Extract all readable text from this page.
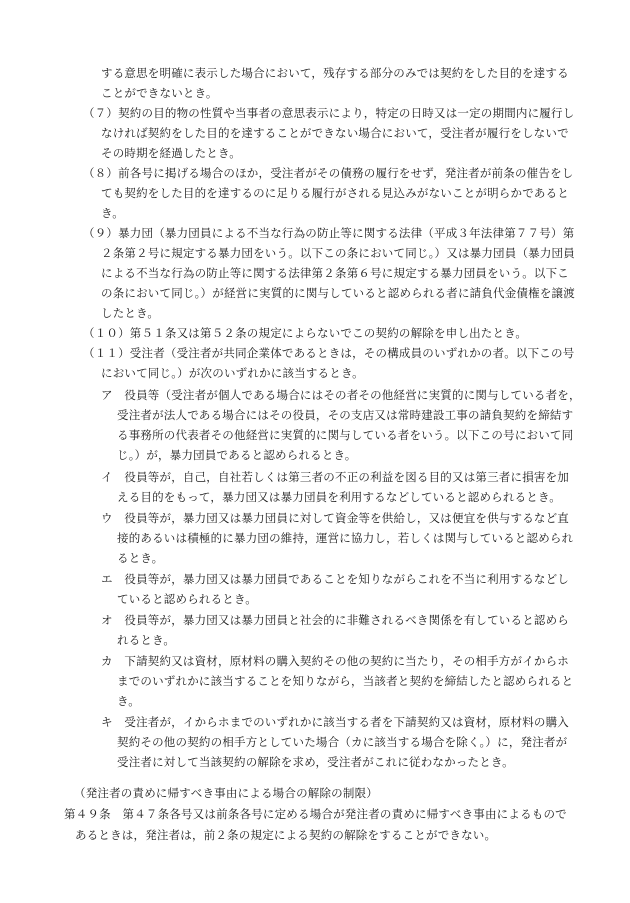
する意思を明確に表示した場合において，残存する部分のみでは契約をした目的を達する
ことができないとき。
（７）契約の目的物の性質や当事者の意思表示により，特定の日時又は一定の期間内に履行し
なければ契約をした目的を達することができない場合において，受注者が履行をしないで
その時期を経過したとき。
（８）前各号に掲げる場合のほか，受注者がその債務の履行をせず，発注者が前条の催告をし
ても契約をした目的を達するのに足りる履行がされる見込みがないことが明らかであると
き。
（９）暴力団（暴力団員による不当な行為の防止等に関する法律（平成３年法律第７７号）第
２条第２号に規定する暴力団をいう。以下この条において同じ。）又は暴力団員（暴力団員
による不当な行為の防止等に関する法律第２条第６号に規定する暴力団員をいう。以下こ
の条において同じ。）が経営に実質的に関与していると認められる者に請負代金債権を譲渡
したとき。
（１０）第５１条又は第５２条の規定によらないでこの契約の解除を申し出たとき。
（１１）受注者（受注者が共同企業体であるときは，その構成員のいずれかの者。以下この号
において同じ。）が次のいずれかに該当するとき。
ア　役員等（受注者が個人である場合にはその者その他経営に実質的に関与している者を，
受注者が法人である場合にはその役員，その支店又は常時建設工事の請負契約を締結す
る事務所の代表者その他経営に実質的に関与している者をいう。以下この号において同
じ。）が，暴力団員であると認められるとき。
イ　役員等が，自己，自社若しくは第三者の不正の利益を図る目的又は第三者に損害を加
える目的をもって，暴力団又は暴力団員を利用するなどしていると認められるとき。
ウ　役員等が，暴力団又は暴力団員に対して資金等を供給し，又は便宜を供与するなど直
接的あるいは積極的に暴力団の維持，運営に協力し，若しくは関与していると認められ
るとき。
エ　役員等が，暴力団又は暴力団員であることを知りながらこれを不当に利用するなどし
ていると認められるとき。
オ　役員等が，暴力団又は暴力団員と社会的に非難されるべき関係を有していると認めら
れるとき。
カ　下請契約又は資材，原材料の購入契約その他の契約に当たり，その相手方がイからホ
までのいずれかに該当することを知りながら，当該者と契約を締結したと認められると
き。
キ　受注者が，イからホまでのいずれかに該当する者を下請契約又は資材，原材料の購入
契約その他の契約の相手方としていた場合（カに該当する場合を除く。）に，発注者が
受注者に対して当該契約の解除を求め，受注者がこれに従わなかったとき。
（発注者の責めに帰すべき事由による場合の解除の制限）
第４９条　第４７条各号又は前条各号に定める場合が発注者の責めに帰すべき事由によるもので
あるときは，発注者は，前２条の規定による契約の解除をすることができない。
